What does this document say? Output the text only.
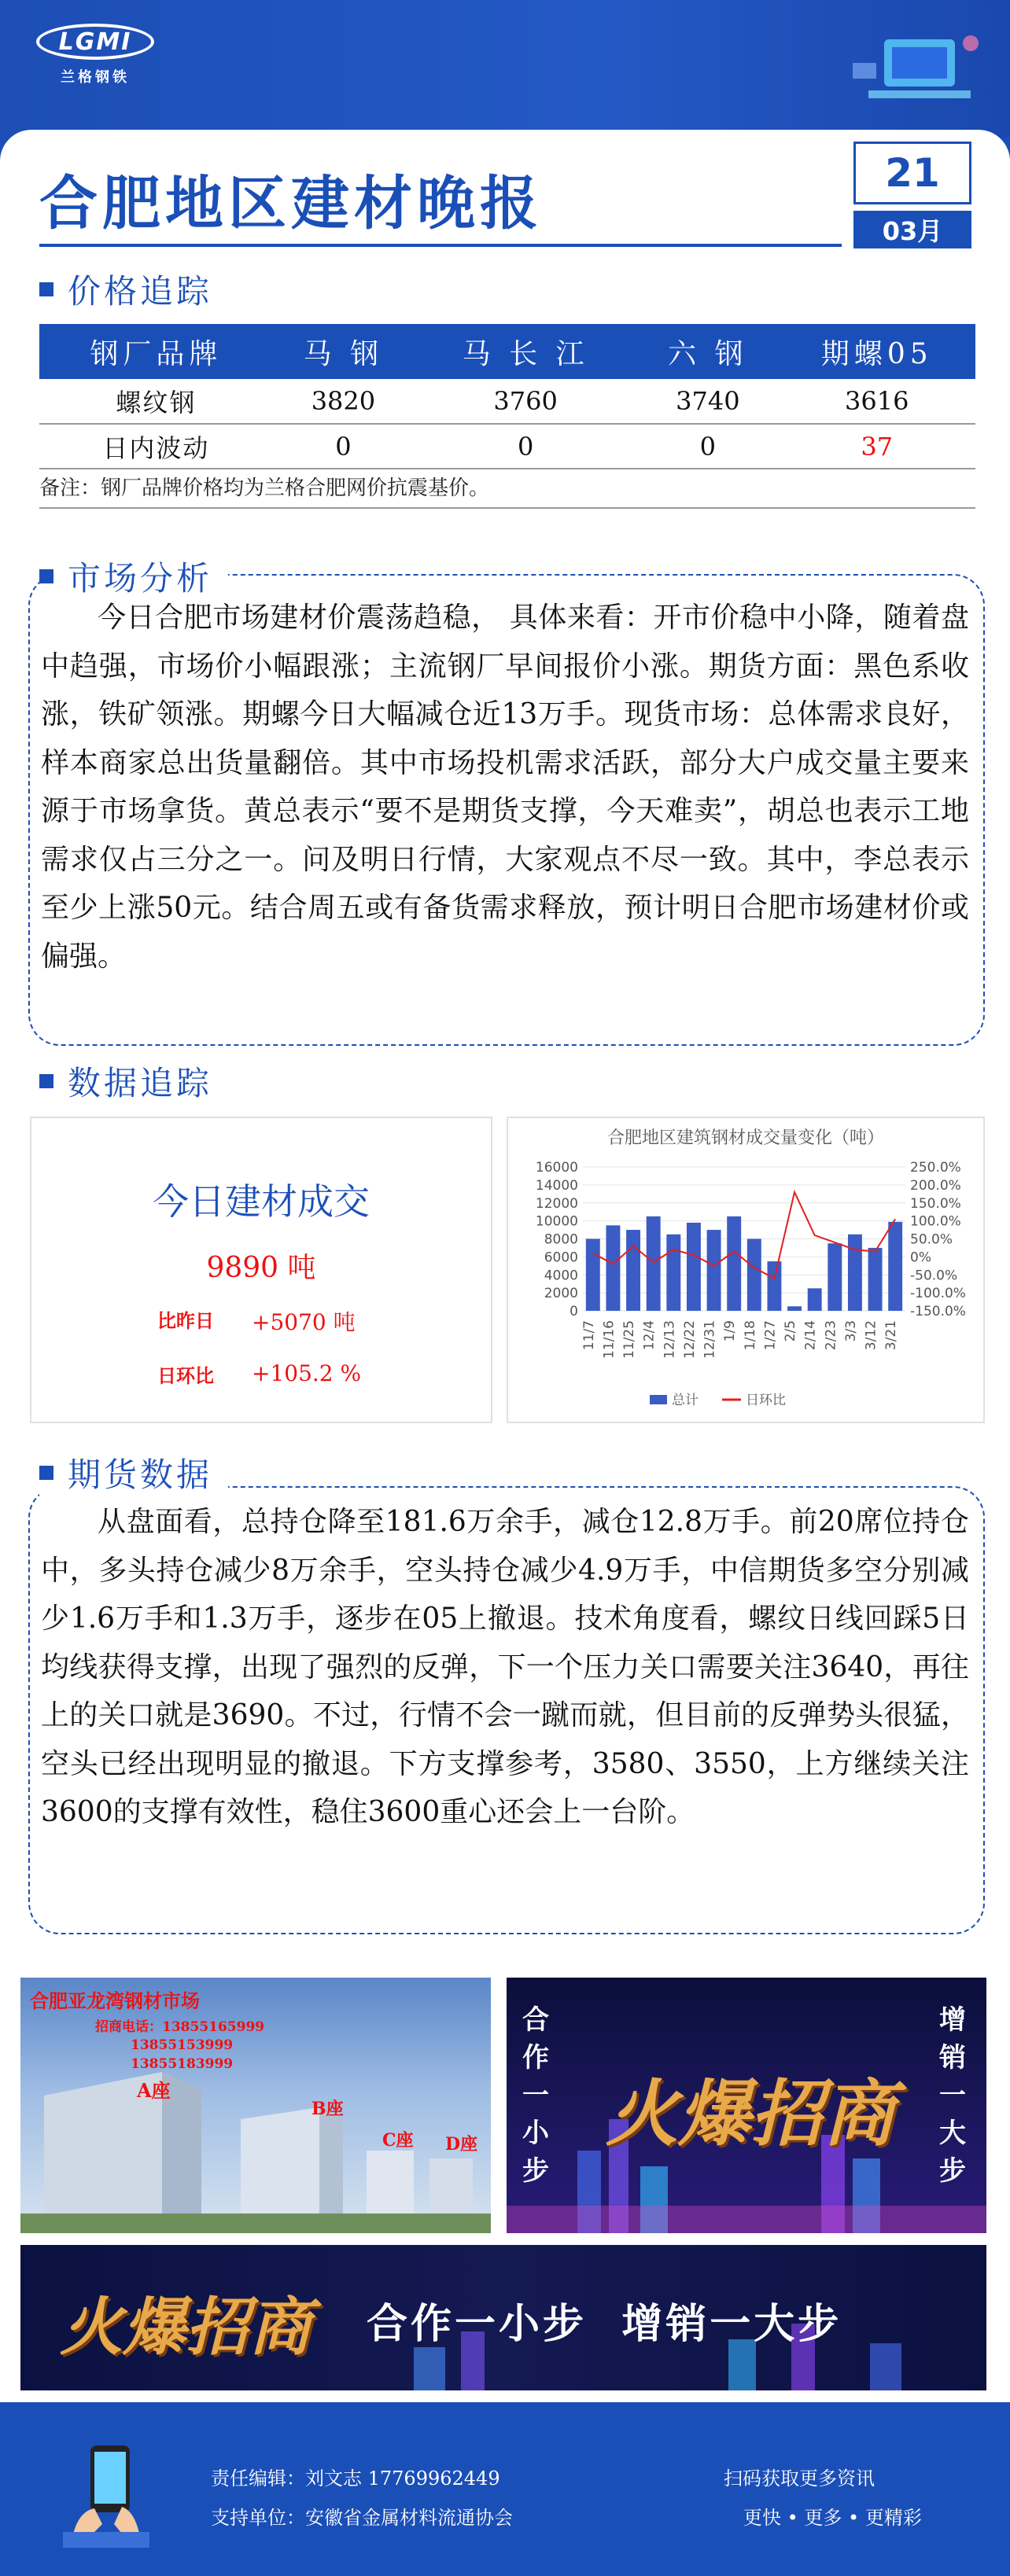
LGMI
兰格钢铁
合肥地区建材晚报	21
03月
价格追踪
钢厂品牌	马 钢	马 长 江	六 钢	期螺05
螺纹钢	3820	3760	3740	3616
日内波动	0	0	0	37
备注：钢厂品牌价格均为兰格合肥网价抗震基价。
市场分析
今日合肥市场建材价震荡趋稳， 具体来看：开市价稳中小降，随着盘中趋强，市场价小幅跟涨；主流钢厂早间报价小涨。期货方面：黑色系收涨，铁矿领涨。期螺今日大幅减仓近13万手。现货市场：总体需求良好，样本商家总出货量翻倍。其中市场投机需求活跃，部分大户成交量主要来源于市场拿货。黄总表示“要不是期货支撑，今天难卖”，胡总也表示工地需求仅占三分之一。问及明日行情，大家观点不尽一致。其中，李总表示至少上涨50元。结合周五或有备货需求释放，预计明日合肥市场建材价或偏强。
数据追踪
今日建材成交
9890 吨
比昨日	+5070 吨
日环比	+105.2 %
合肥地区建筑钢材成交量变化（吨）
16000	250.0%
14000	200.0%
12000	150.0%
10000	100.0%
8000	50.0%
6000	0%
4000	-50.0%
2000	-100.0%
0	-150.0%
11/7 11/16 11/25 12/4 12/13 12/22 12/31 1/9 1/18 1/27 2/5 2/14 2/23 3/3 3/12 3/21
总计	日环比
期货数据
从盘面看，总持仓降至181.6万余手，减仓12.8万手。前20席位持仓中，多头持仓减少8万余手，空头持仓减少4.9万手，中信期货多空分别减少1.6万手和1.3万手，逐步在05上撤退。技术角度看，螺纹日线回踩5日均线获得支撑，出现了强烈的反弹，下一个压力关口需要关注3640，再往上的关口就是3690。不过，行情不会一蹴而就，但目前的反弹势头很猛，空头已经出现明显的撤退。下方支撑参考，3580、3550，上方继续关注3600的支撑有效性，稳住3600重心还会上一台阶。
合肥亚龙湾钢材市场
招商电话：13855165999
13855153999
13855183999
A座
B座
C座 D座
合作一小步
增销一大步
火爆招商
火爆招商 合作一小步  增销一大步
责任编辑：刘文志 17769962449
支持单位：安徽省金属材料流通协会
扫码获取更多资讯
更快 • 更多 • 更精彩
